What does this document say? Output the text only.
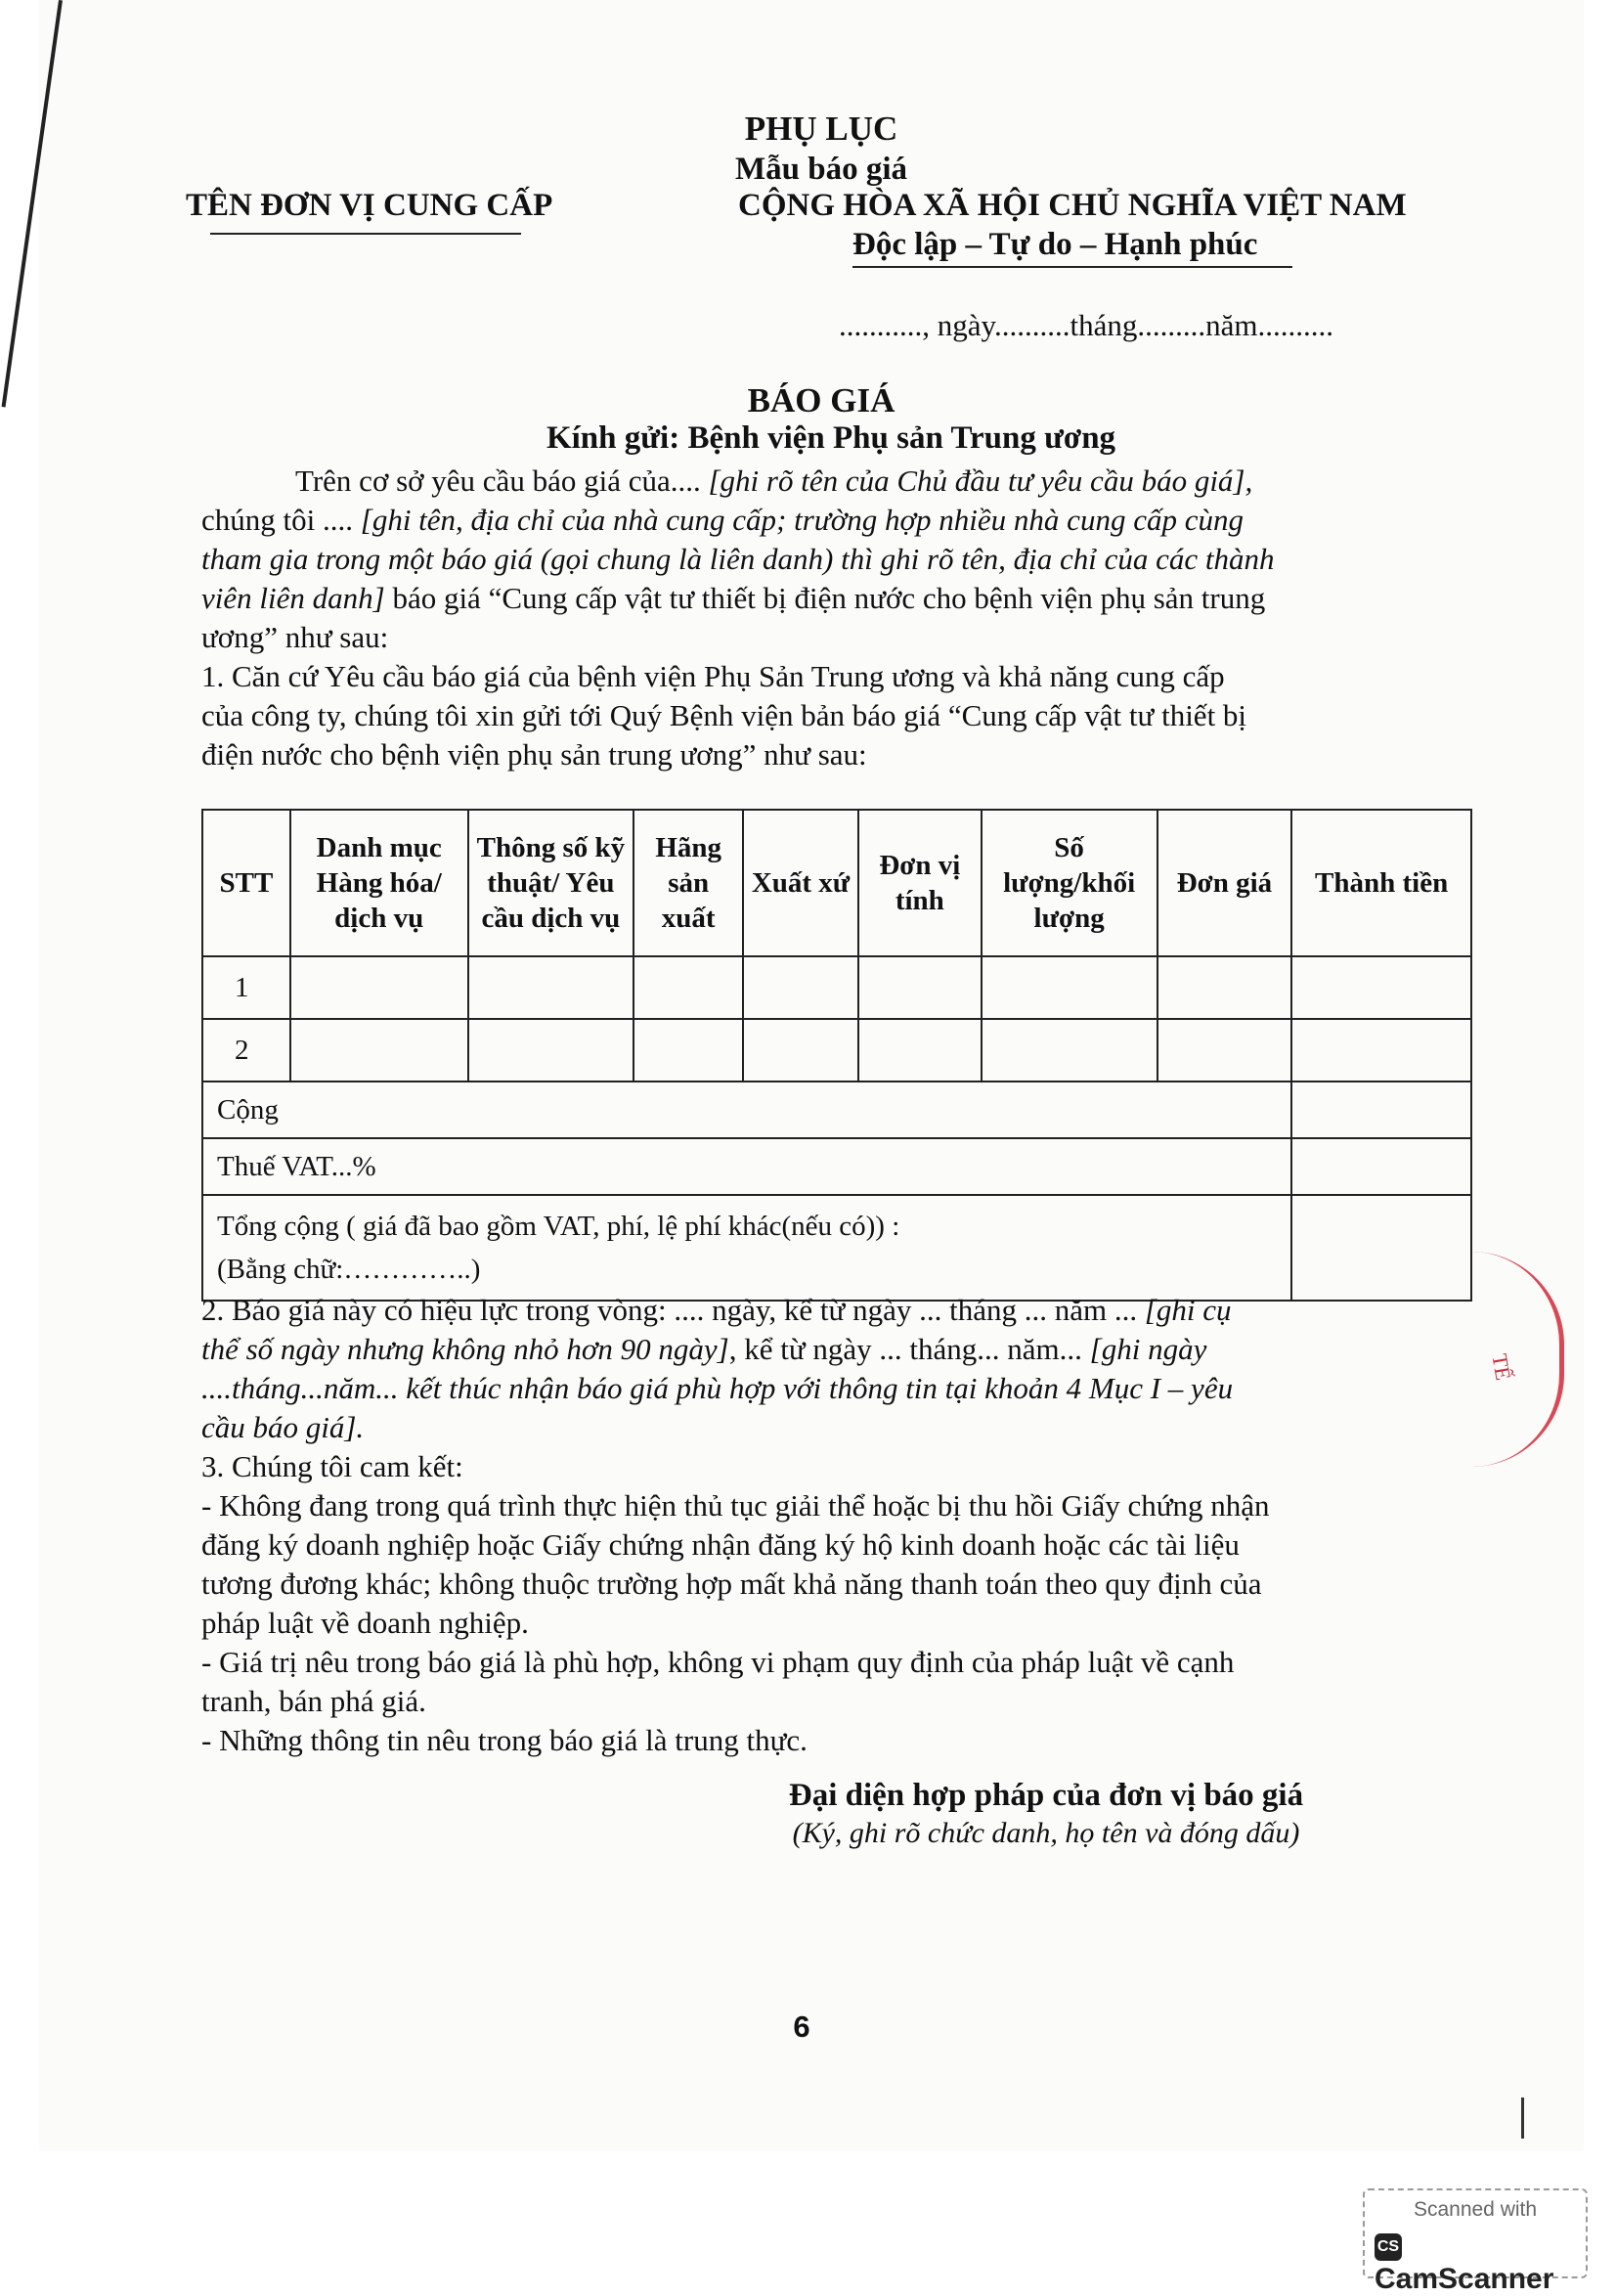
PHỤ LỤC
Mẫu báo giá
TÊN ĐƠN VỊ CUNG CẤP	CỘNG HÒA XÃ HỘI CHỦ NGHĨA VIỆT NAM
Độc lập – Tự do – Hạnh phúc
..........., ngày..........tháng.........năm..........
BÁO GIÁ
Kính gửi: Bệnh viện Phụ sản Trung ương
Trên cơ sở yêu cầu báo giá của.... [ghi rõ tên của Chủ đầu tư yêu cầu báo giá],
chúng tôi .... [ghi tên, địa chỉ của nhà cung cấp; trường hợp nhiều nhà cung cấp cùng
tham gia trong một báo giá (gọi chung là liên danh) thì ghi rõ tên, địa chỉ của các thành
viên liên danh] báo giá “Cung cấp vật tư thiết bị điện nước cho bệnh viện phụ sản trung
ương” như sau:
1. Căn cứ Yêu cầu báo giá của bệnh viện Phụ Sản Trung ương và khả năng cung cấp
của công ty, chúng tôi xin gửi tới Quý Bệnh viện bản báo giá “Cung cấp vật tư thiết bị
điện nước cho bệnh viện phụ sản trung ương” như sau:
STT	Danh mục Hàng hóa/ dịch vụ	Thông số kỹ thuật/ Yêu cầu dịch vụ	Hãng sản xuất	Xuất xứ	Đơn vị tính	Số lượng/khối lượng	Đơn giá	Thành tiền
1								
2								
Cộng								
Thuế VAT...%								

Tổng cộng ( giá đã bao gồm VAT, phí, lệ phí khác(nếu có)) :
(Bằng chữ:…………..)								

2. Báo giá này có hiệu lực trong vòng: .... ngày, kể từ ngày ... tháng ... năm ... [ghi cụ
thể số ngày nhưng không nhỏ hơn 90 ngày], kể từ ngày ... tháng... năm... [ghi ngày
....tháng...năm... kết thúc nhận báo giá phù hợp với thông tin tại khoản 4 Mục I – yêu
cầu báo giá].
3. Chúng tôi cam kết:
- Không đang trong quá trình thực hiện thủ tục giải thể hoặc bị thu hồi Giấy chứng nhận
đăng ký doanh nghiệp hoặc Giấy chứng nhận đăng ký hộ kinh doanh hoặc các tài liệu
tương đương khác; không thuộc trường hợp mất khả năng thanh toán theo quy định của
pháp luật về doanh nghiệp.
- Giá trị nêu trong báo giá là phù hợp, không vi phạm quy định của pháp luật về cạnh
tranh, bán phá giá.
- Những thông tin nêu trong báo giá là trung thực.
Đại diện hợp pháp của đơn vị báo giá
(Ký, ghi rõ chức danh, họ tên và đóng dấu)
6
TẾ
Scanned with
CSCamScanner
